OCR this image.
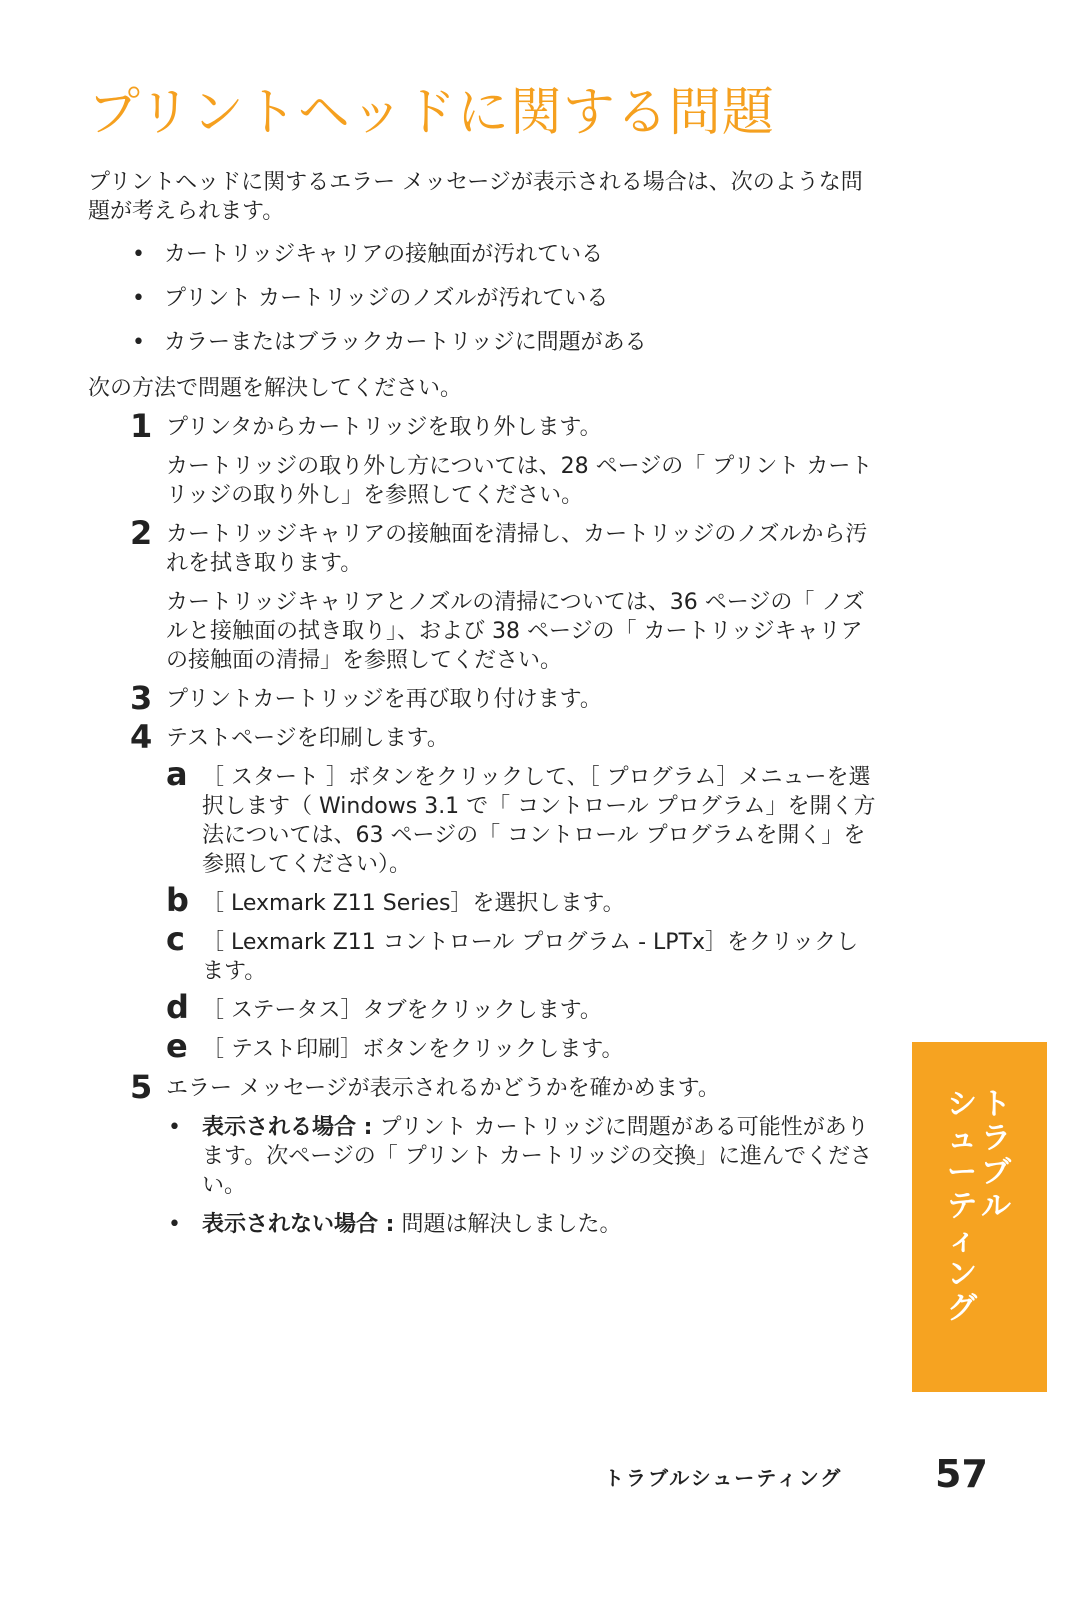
プリントヘッドに関する問題
プリントヘッドに関するエラー メッセージが表示される場合は、次のような問題が考えられます。
• カートリッジキャリアの接触面が汚れている
• プリント カートリッジのノズルが汚れている
• カラーまたはブラックカートリッジに問題がある
次の方法で問題を解決してください。
1 プリンタからカートリッジを取り外します。
カートリッジの取り外し方については、28 ページの「 プリント カートリッジの取り外し」を参照してください。
2 カートリッジキャリアの接触面を清掃し、カートリッジのノズルから汚れを拭き取ります。
カートリッジキャリアとノズルの清掃については、36 ページの「 ノズルと接触面の拭き取り」、および 38 ページの「 カートリッジキャリアの接触面の清掃」を参照してください。
3 プリントカートリッジを再び取り付けます。
4 テストページを印刷します。
a ［ スタート ］ボタンをクリックして、［ プログラム］メニューを選択します（ Windows 3.1 で「 コントロール プログラム」を開く方法については、63 ページの「 コントロール プログラムを開く」を参照してください）。
b ［ Lexmark Z11 Series］を選択します。
c ［ Lexmark Z11 コントロール プログラム - LPTx］をクリックします。
d ［ ステータス］タブをクリックします。
e ［ テスト印刷］ボタンをクリックします。
5 エラー メッセージが表示されるかどうかを確かめます。
• 表示される場合 : プリント カートリッジに問題がある可能性があります。次ページの「 プリント カートリッジの交換」に進んでください。
• 表示されない場合 : 問題は解決しました。
ト
ラ
ブ
ル
シ
ュ
ー
テ
ィ
ン
グ
トラブルシューティング 57
